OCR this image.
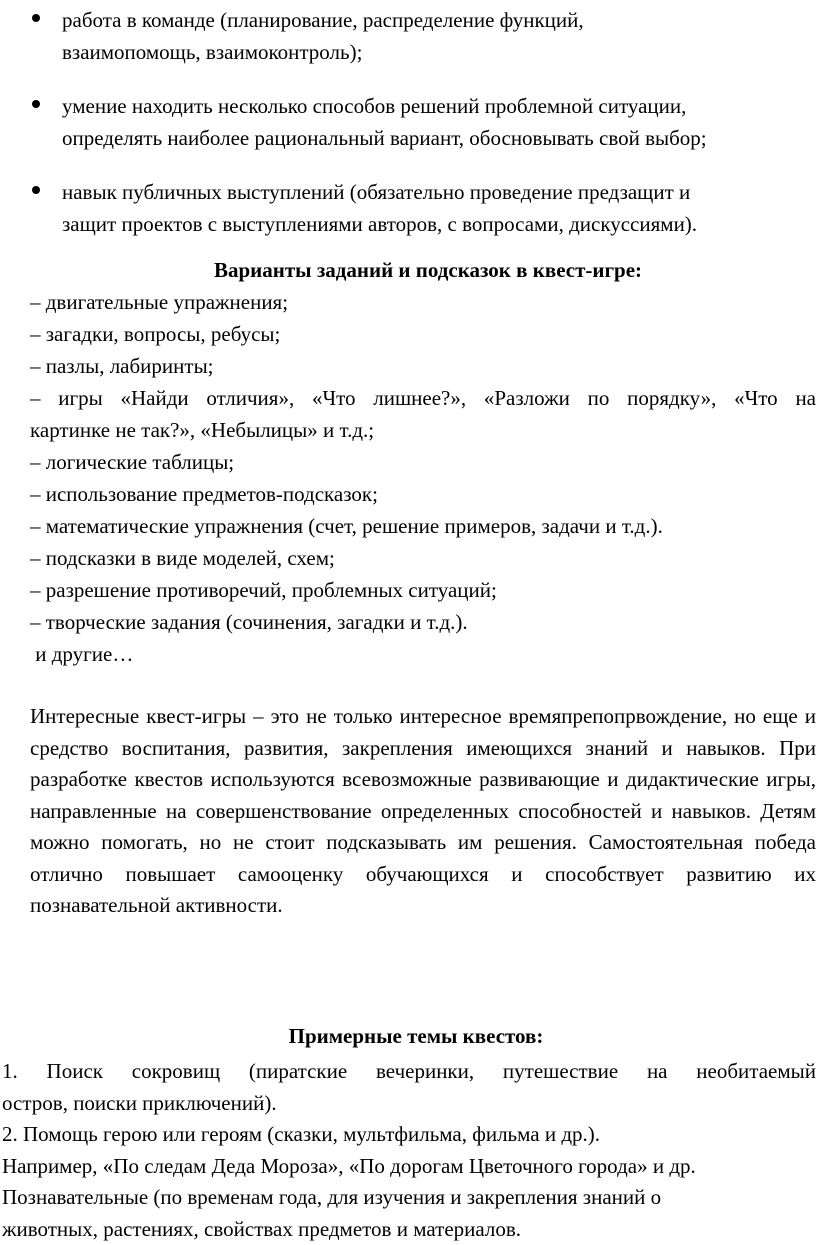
работа в команде (планирование, распределение функций,
взаимопомощь, взаимоконтроль);
умение находить несколько способов решений проблемной ситуации,
определять наиболее рациональный вариант, обосновывать свой выбор;
навык публичных выступлений (обязательно проведение предзащит и
защит проектов с выступлениями авторов, с вопросами, дискуссиями).
Варианты заданий и подсказок в квест-игре:
– двигательные упражнения;
– загадки, вопросы, ребусы;
– пазлы, лабиринты;
– игры «Найди отличия», «Что лишнее?», «Разложи по порядку», «Что на
картинке не так?», «Небылицы» и т.д.;
– логические таблицы;
– использование предметов-подсказок;
– математические упражнения (счет, решение примеров, задачи и т.д.).
– подсказки в виде моделей, схем;
– разрешение противоречий, проблемных ситуаций;
– творческие задания (сочинения, загадки и т.д.).
и другие…
Интересные квест-игры – это не только интересное времяпрепопрвождение, но еще и средство воспитания, развития, закрепления имеющихся знаний и навыков. При разработке квестов используются всевозможные развивающие и дидактические игры, направленные на совершенствование определенных способностей и навыков. Детям можно помогать, но не стоит подсказывать им решения. Самостоятельная победа отлично повышает самооценку обучающихся и способствует развитию их познавательной активности.
Примерные темы квестов:
1. Поиск сокровищ (пиратские вечеринки, путешествие на необитаемый
остров, поиски приключений).
2. Помощь герою или героям (сказки, мультфильма, фильма и др.).
Например, «По следам Деда Мороза», «По дорогам Цветочного города» и др.
Познавательные (по временам года, для изучения и закрепления знаний о
животных, растениях, свойствах предметов и материалов.
